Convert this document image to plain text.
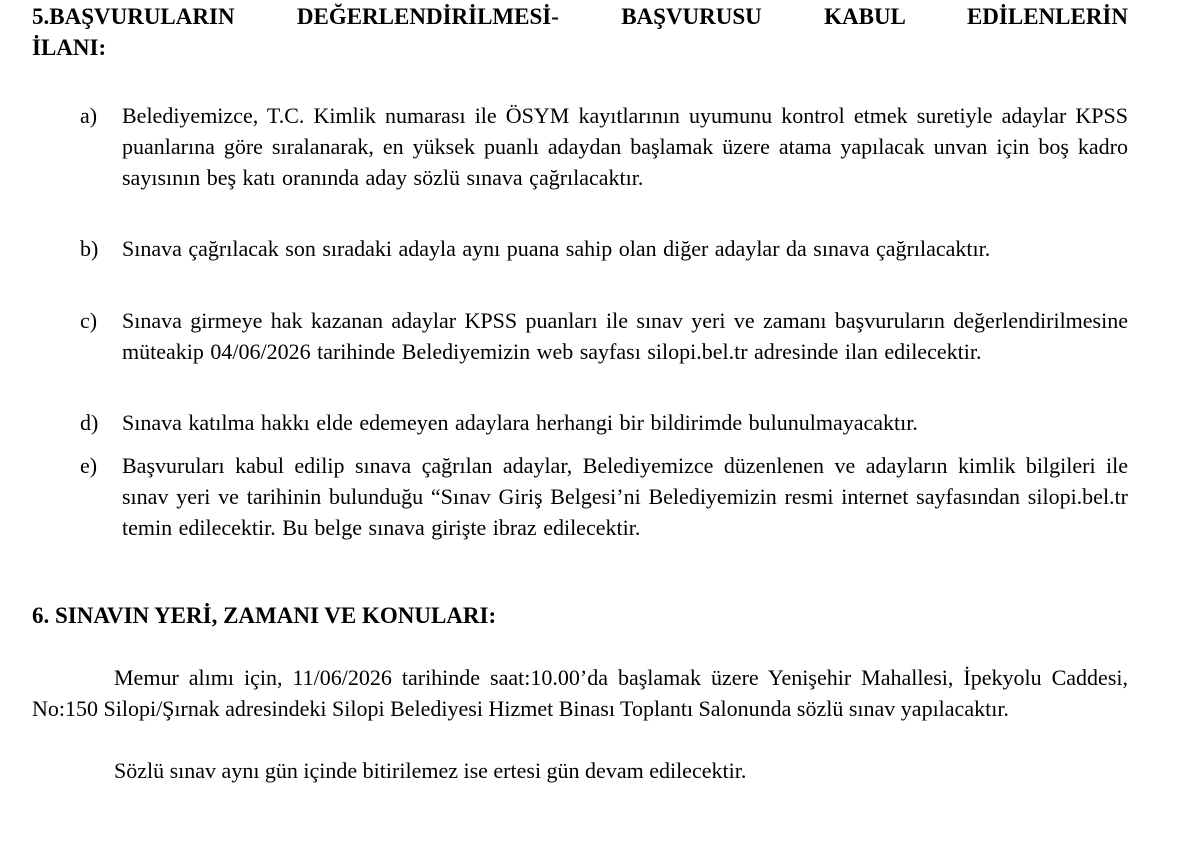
5.BAŞVURULARIN DEĞERLENDİRİLMESİ- BAŞVURUSU KABUL EDİLENLERİN
İLANI:
a)	Belediyemizce, T.C. Kimlik numarası ile ÖSYM kayıtlarının uyumunu kontrol etmek suretiyle adaylar KPSS puanlarına göre sıralanarak, en yüksek puanlı adaydan başlamak üzere atama yapılacak unvan için boş kadro sayısının beş katı oranında aday sözlü sınava çağrılacaktır.
b)	Sınava çağrılacak son sıradaki adayla aynı puana sahip olan diğer adaylar da sınava çağrılacaktır.
c)	Sınava girmeye hak kazanan adaylar KPSS puanları ile sınav yeri ve zamanı başvuruların değerlendirilmesine müteakip 04/06/2026 tarihinde Belediyemizin web sayfası silopi.bel.tr adresinde ilan edilecektir.
d)	Sınava katılma hakkı elde edemeyen adaylara herhangi bir bildirimde bulunulmayacaktır.
e)	Başvuruları kabul edilip sınava çağrılan adaylar, Belediyemizce düzenlenen ve adayların kimlik bilgileri ile sınav yeri ve tarihinin bulunduğu “Sınav Giriş Belgesi’ni Belediyemizin resmi internet sayfasından silopi.bel.tr temin edilecektir. Bu belge sınava girişte ibraz edilecektir.
6. SINAVIN YERİ, ZAMANI VE KONULARI:

Memur alımı için, 11/06/2026 tarihinde saat:10.00’da başlamak üzere Yenişehir Mahallesi, İpekyolu Caddesi, No:150 Silopi/Şırnak adresindeki Silopi Belediyesi Hizmet Binası Toplantı Salonunda sözlü sınav yapılacaktır.

Sözlü sınav aynı gün içinde bitirilemez ise ertesi gün devam edilecektir.
